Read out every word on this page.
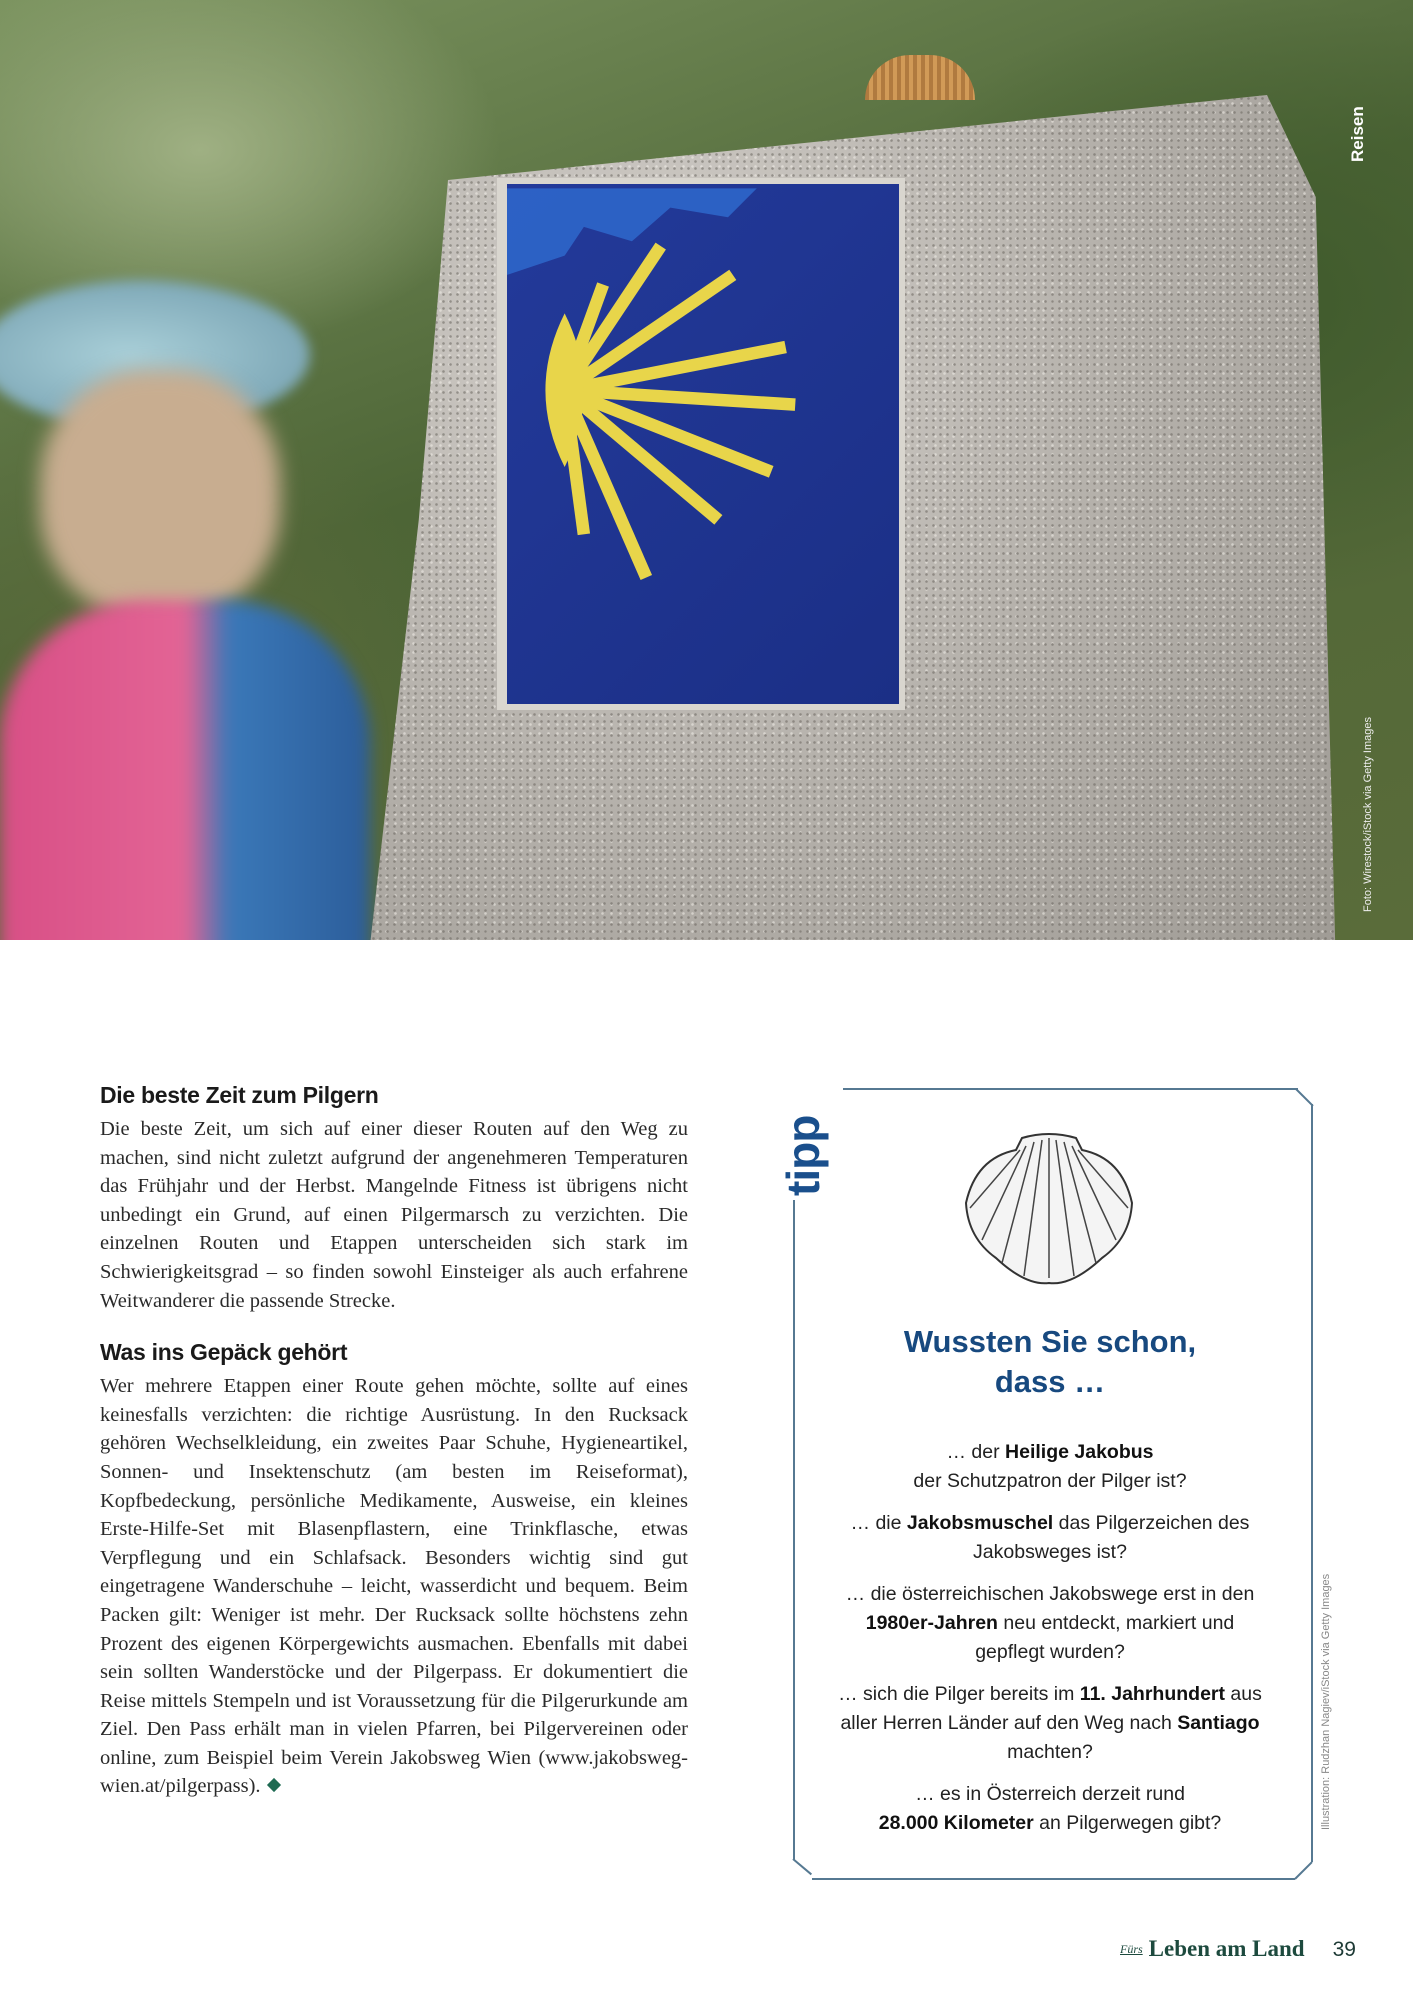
Reisen
Foto: Wirestock/iStock via Getty Images
Die beste Zeit zum Pilgern

Die beste Zeit, um sich auf einer dieser Routen auf den Weg zu machen, sind nicht zuletzt aufgrund der angenehmeren Temperaturen das Frühjahr und der Herbst. Mangelnde Fitness ist übrigens nicht unbedingt ein Grund, auf einen Pilgermarsch zu verzichten. Die einzelnen Routen und Etappen unterscheiden sich stark im Schwierigkeitsgrad – so finden sowohl Einsteiger als auch erfahrene Weitwanderer die passende Strecke.

Was ins Gepäck gehört

Wer mehrere Etappen einer Route gehen möchte, sollte auf eines keinesfalls verzichten: die richtige Ausrüstung. In den Rucksack gehören Wechselkleidung, ein zweites Paar Schuhe, Hygieneartikel, Sonnen- und Insektenschutz (am besten im Reiseformat), Kopfbedeckung, persönliche Medikamente, Ausweise, ein kleines Erste-Hilfe-Set mit Blasenpflastern, eine Trinkflasche, etwas Verpflegung und ein Schlafsack. Besonders wichtig sind gut eingetragene Wanderschuhe – leicht, wasserdicht und bequem. Beim Packen gilt: Weniger ist mehr. Der Rucksack sollte höchstens zehn Prozent des eigenen Körpergewichts ausmachen. Ebenfalls mit dabei sein sollten Wanderstöcke und der Pilgerpass. Er dokumentiert die Reise mittels Stempeln und ist Voraussetzung für die Pilgerurkunde am Ziel. Den Pass erhält man in vielen Pfarren, bei Pilgervereinen oder online, zum Beispiel beim Verein Jakobsweg Wien (www.jakobsweg-wien.at/pilgerpass).

tipp
Wussten Sie schon,
dass …
… der Heilige Jakobus
der Schutzpatron der Pilger ist?
… die Jakobsmuschel das Pilgerzeichen des Jakobsweges ist?
… die österreichischen Jakobswege erst in den 1980er-Jahren neu entdeckt, markiert und gepflegt wurden?
… sich die Pilger bereits im 11. Jahrhundert aus aller Herren Länder auf den Weg nach Santiago machten?
… es in Österreich derzeit rund
28.000 Kilometer an Pilgerwegen gibt?	Illustration: Rudzhan Nagiev/iStock via Getty Images
Fürs Leben am Land 39
